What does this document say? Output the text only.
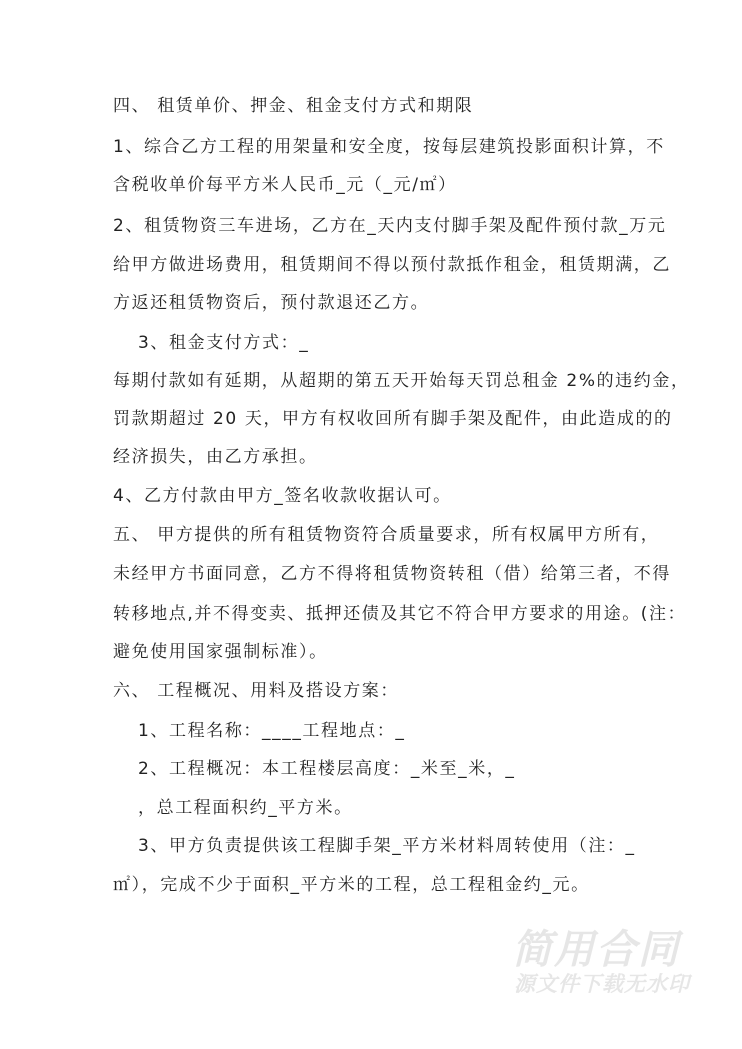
四、 租赁单价、押金、租金支付方式和期限
1、综合乙方工程的用架量和安全度，按每层建筑投影面积计算，不
含税收单价每平方米人民币_元（_元/㎡）
2、租赁物资三车进场，乙方在_天内支付脚手架及配件预付款_万元
给甲方做进场费用，租赁期间不得以预付款抵作租金，租赁期满，乙
方返还租赁物资后，预付款退还乙方。
3、租金支付方式：_
每期付款如有延期，从超期的第五天开始每天罚总租金 2%的违约金，
罚款期超过 20 天，甲方有权收回所有脚手架及配件，由此造成的的
经济损失，由乙方承担。
4、乙方付款由甲方_签名收款收据认可。
五、 甲方提供的所有租赁物资符合质量要求，所有权属甲方所有，
未经甲方书面同意，乙方不得将租赁物资转租（借）给第三者，不得
转移地点,并不得变卖、抵押还债及其它不符合甲方要求的用途。(注：
避免使用国家强制标准）。
六、 工程概况、用料及搭设方案：
1、工程名称：____工程地点：_
2、工程概况：本工程楼层高度：_米至_米，_
，总工程面积约_平方米。
3、甲方负责提供该工程脚手架_平方米材料周转使用（注：_
㎡），完成不少于面积_平方米的工程，总工程租金约_元。
简用合同
源文件下载无水印
